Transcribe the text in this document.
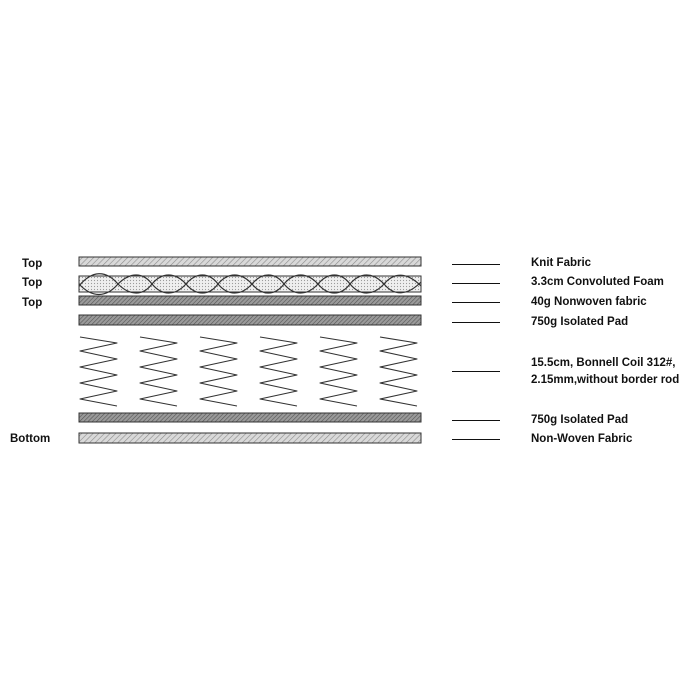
Top
Top
Top
Bottom
Knit Fabric
3.3cm Convoluted Foam
40g Nonwoven fabric
750g Isolated Pad
15.5cm, Bonnell Coil 312#,
2.15mm,without border rod
750g Isolated Pad
Non-Woven Fabric
